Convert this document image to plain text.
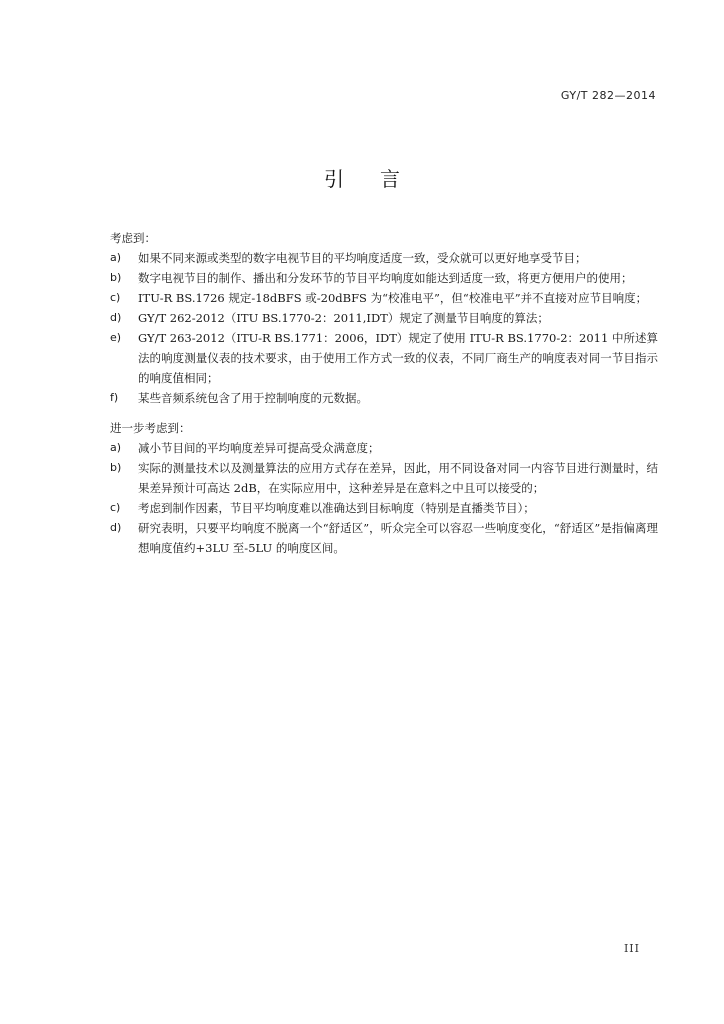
GY/T 282—2014
引言

考虑到：

a)	如果不同来源或类型的数字电视节目的平均响度适度一致，受众就可以更好地享受节目；
b)	数字电视节目的制作、播出和分发环节的节目平均响度如能达到适度一致，将更方便用户的使用；
c)	ITU-R BS.1726 规定-18dBFS 或-20dBFS 为“校准电平”，但“校准电平”并不直接对应节目响度；
d)	GY/T 262-2012（ITU BS.1770-2：2011,IDT）规定了测量节目响度的算法；
e)	GY/T 263-2012（ITU-R BS.1771：2006，IDT）规定了使用 ITU-R BS.1770-2：2011 中所述算法的响度测量仪表的技术要求，由于使用工作方式一致的仪表，不同厂商生产的响度表对同一节目指示的响度值相同；
f)	某些音频系统包含了用于控制响度的元数据。

进一步考虑到：

a)	减小节目间的平均响度差异可提高受众满意度；
b)	实际的测量技术以及测量算法的应用方式存在差异，因此，用不同设备对同一内容节目进行测量时，结果差异预计可高达 2dB，在实际应用中，这种差异是在意料之中且可以接受的；
c)	考虑到制作因素，节目平均响度难以准确达到目标响度（特别是直播类节目）；
d)	研究表明，只要平均响度不脱离一个“舒适区”，听众完全可以容忍一些响度变化，“舒适区”是指偏离理想响度值约+3LU 至-5LU 的响度区间。
III
